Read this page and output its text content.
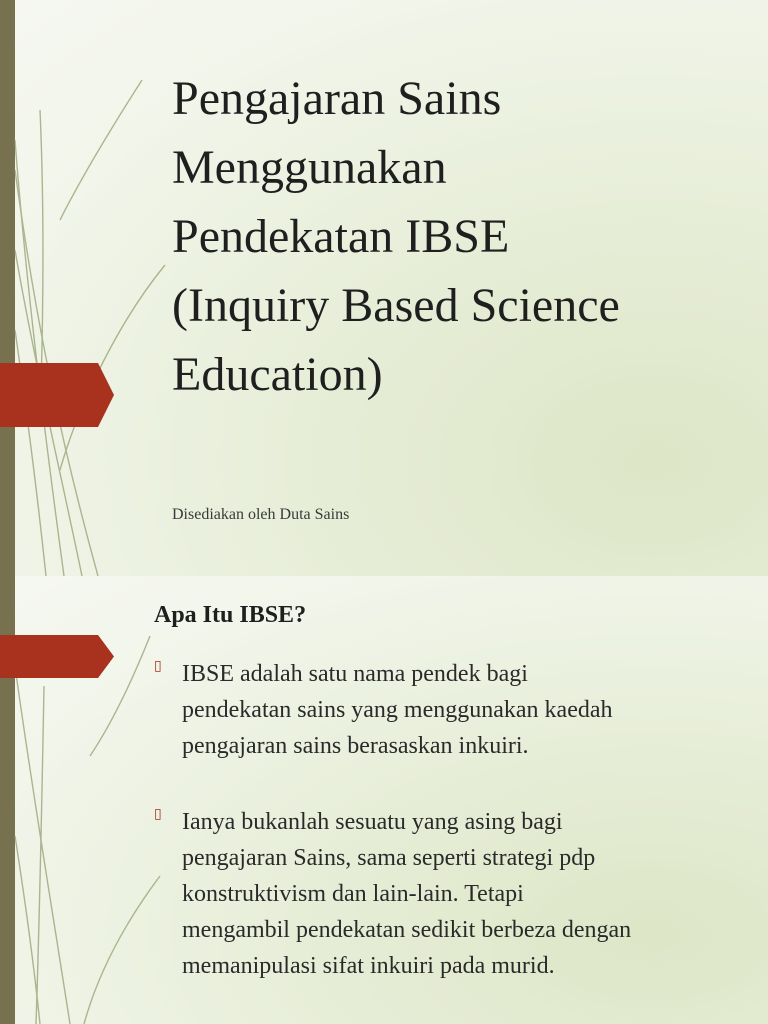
Pengajaran Sains
Menggunakan
Pendekatan IBSE
(Inquiry Based Science
Education)

Disediakan oleh Duta Sains

Apa Itu IBSE?
▯ IBSE adalah satu nama pendek bagi
pendekatan sains yang menggunakan kaedah
pengajaran sains berasaskan inkuiri.
▯ Ianya bukanlah sesuatu yang asing bagi
pengajaran Sains, sama seperti strategi pdp
konstruktivism dan lain-lain. Tetapi
mengambil pendekatan sedikit berbeza dengan
memanipulasi sifat inkuiri pada murid.
